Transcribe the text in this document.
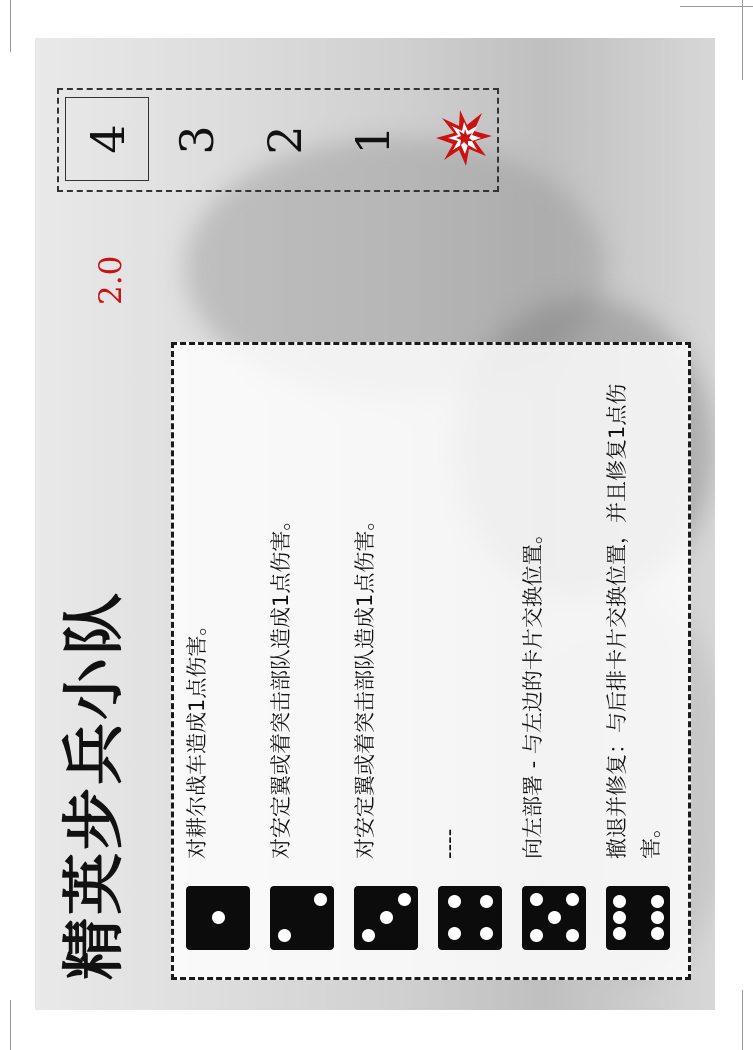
精英步兵小队
2.0
对耕尔战车造成1点伤害。	对安定翼或着突击部队造成1点伤害。	对安定翼或着突击部队造成1点伤害。	----	向左部署 - 与左边的卡片交换位置。	撤退并修复：与后排卡片交换位置，并且修复1点伤害。
4 3 2 1
